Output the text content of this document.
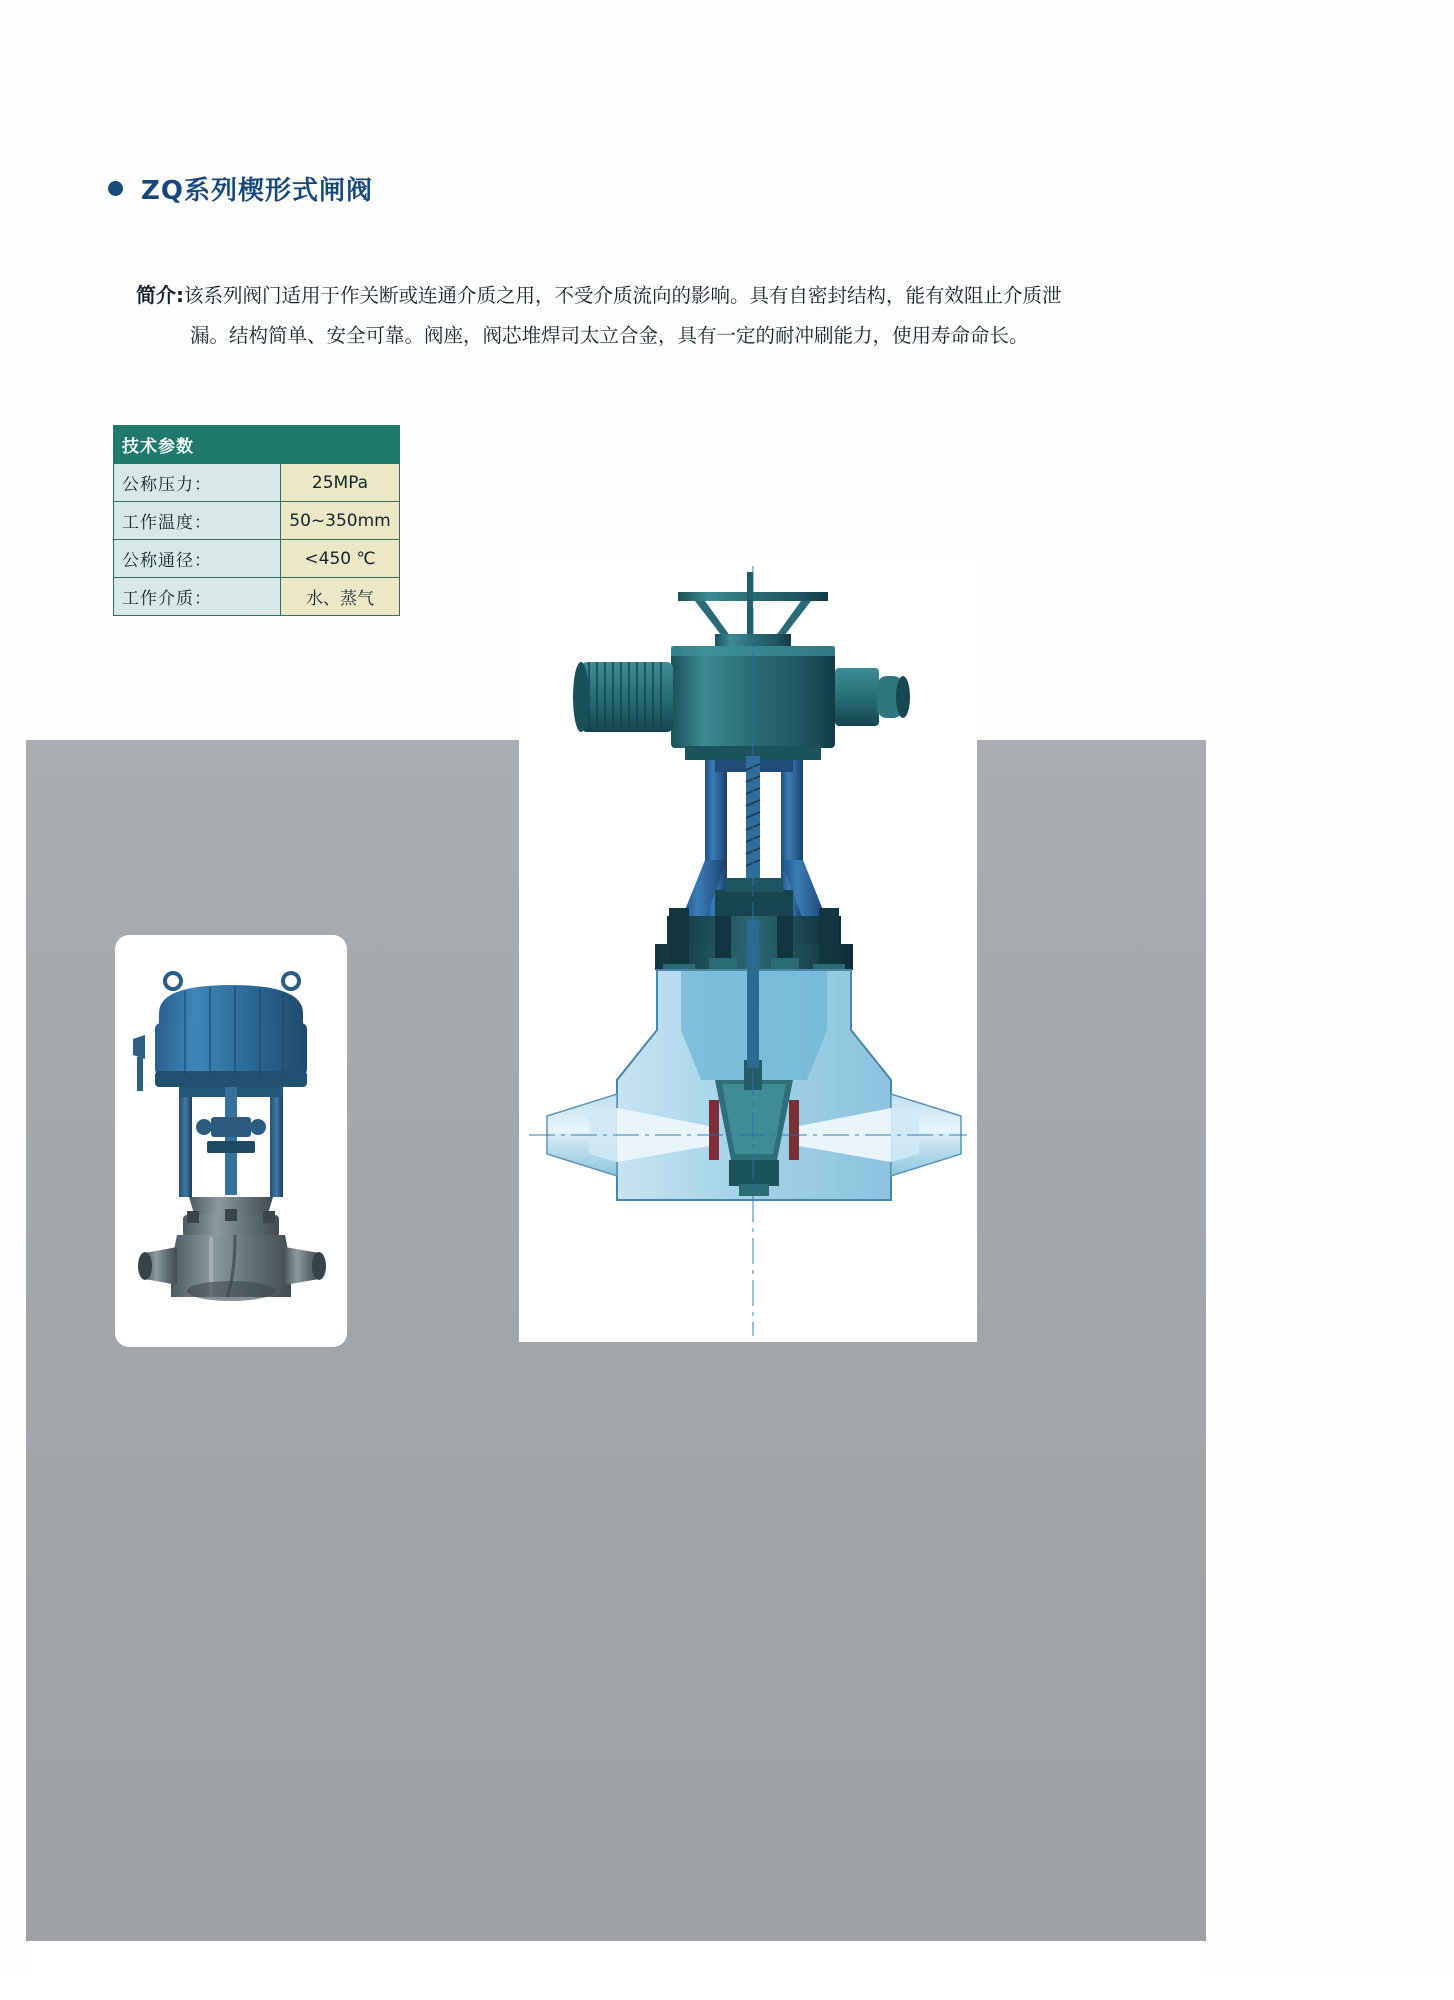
ZQ系列楔形式闸阀

简介:该系列阀门适用于作关断或连通介质之用，不受介质流向的影响。具有自密封结构，能有效阻止介质泄

漏。结构简单、安全可靠。阀座，阀芯堆焊司太立合金，具有一定的耐冲刷能力，使用寿命命长。

技术参数	
公称压力：	25MPa
工作温度：	50~350mm
公称通径：	<450 ℃
工作介质：	水、蒸气
